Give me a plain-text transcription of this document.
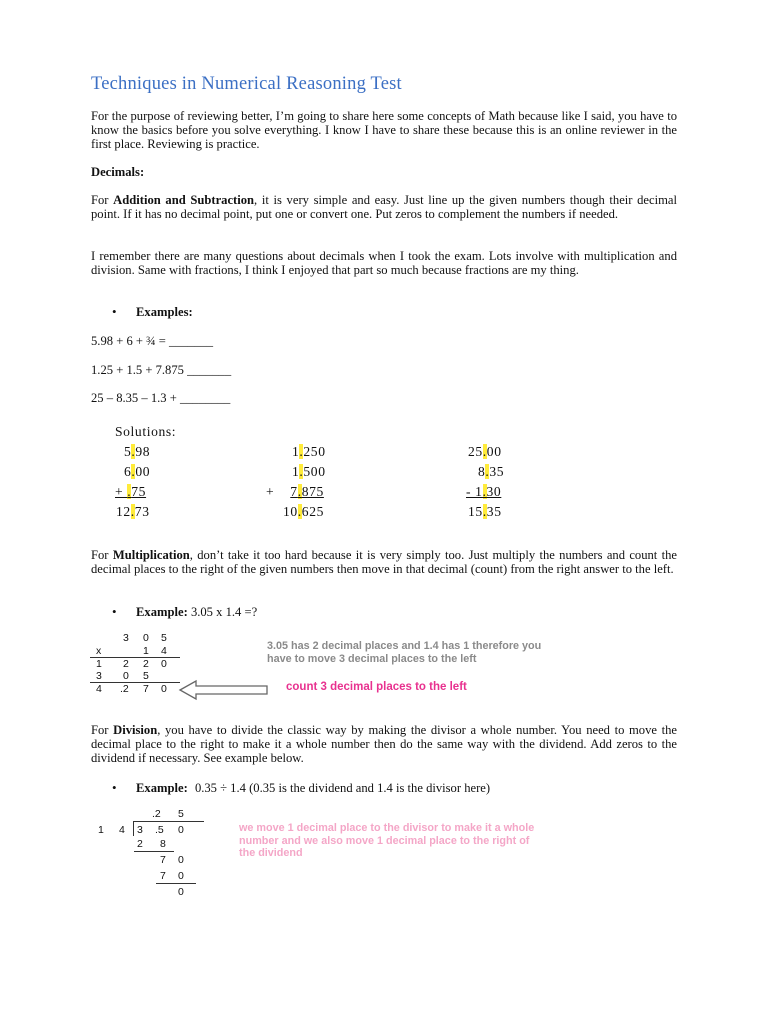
Techniques in Numerical Reasoning Test
For the purpose of reviewing better, I’m going to share here some concepts of Math because like I said, you have to know the basics before you solve everything. I know I have to share these because this is an online reviewer in the first place. Reviewing is practice.
Decimals:
For Addition and Subtraction, it is very simple and easy. Just line up the given numbers though their decimal point. If it has no decimal point, put one or convert one. Put zeros to complement the numbers if needed.
I remember there are many questions about decimals when I took the exam. Lots involve with multiplication and division. Same with fractions, I think I enjoyed that part so much because fractions are my thing.
• Examples:
5.98 + 6 + ¾ = _______
1.25 + 1.5 + 7.875 _______
25 – 8.35 – 1.3 + ________
Solutions:
5.98
6.00
+ .75
12.73
1.250
1.500
+ 7.875
10.625
25.00
8.35
- 1.30
15.35
For Multiplication, don’t take it too hard because it is very simply too. Just multiply the numbers and count the decimal places to the right of the given numbers then move in that decimal (count) from the right answer to the left.
• Example: 3.05 x 1.4 =?
3 0 5
x	1 4
1 2 2 0
3 0 5
4 .2 7 0
3.05 has 2 decimal places and 1.4 has 1 therefore you have to move 3 decimal places to the left
count 3 decimal places to the left
For Division, you have to divide the classic way by making the divisor a whole number. You need to move the decimal place to the right to make it a whole number then do the same way with the dividend. Add zeros to the dividend if necessary. See example below.
• Example: 0.35 ÷ 1.4 (0.35 is the dividend and 1.4 is the divisor here)
.2 5
1 4 3 .5 0
2 8
7 0
7 0
0
we move 1 decimal place to the divisor to make it a whole number and we also move 1 decimal place to the right of the dividend
